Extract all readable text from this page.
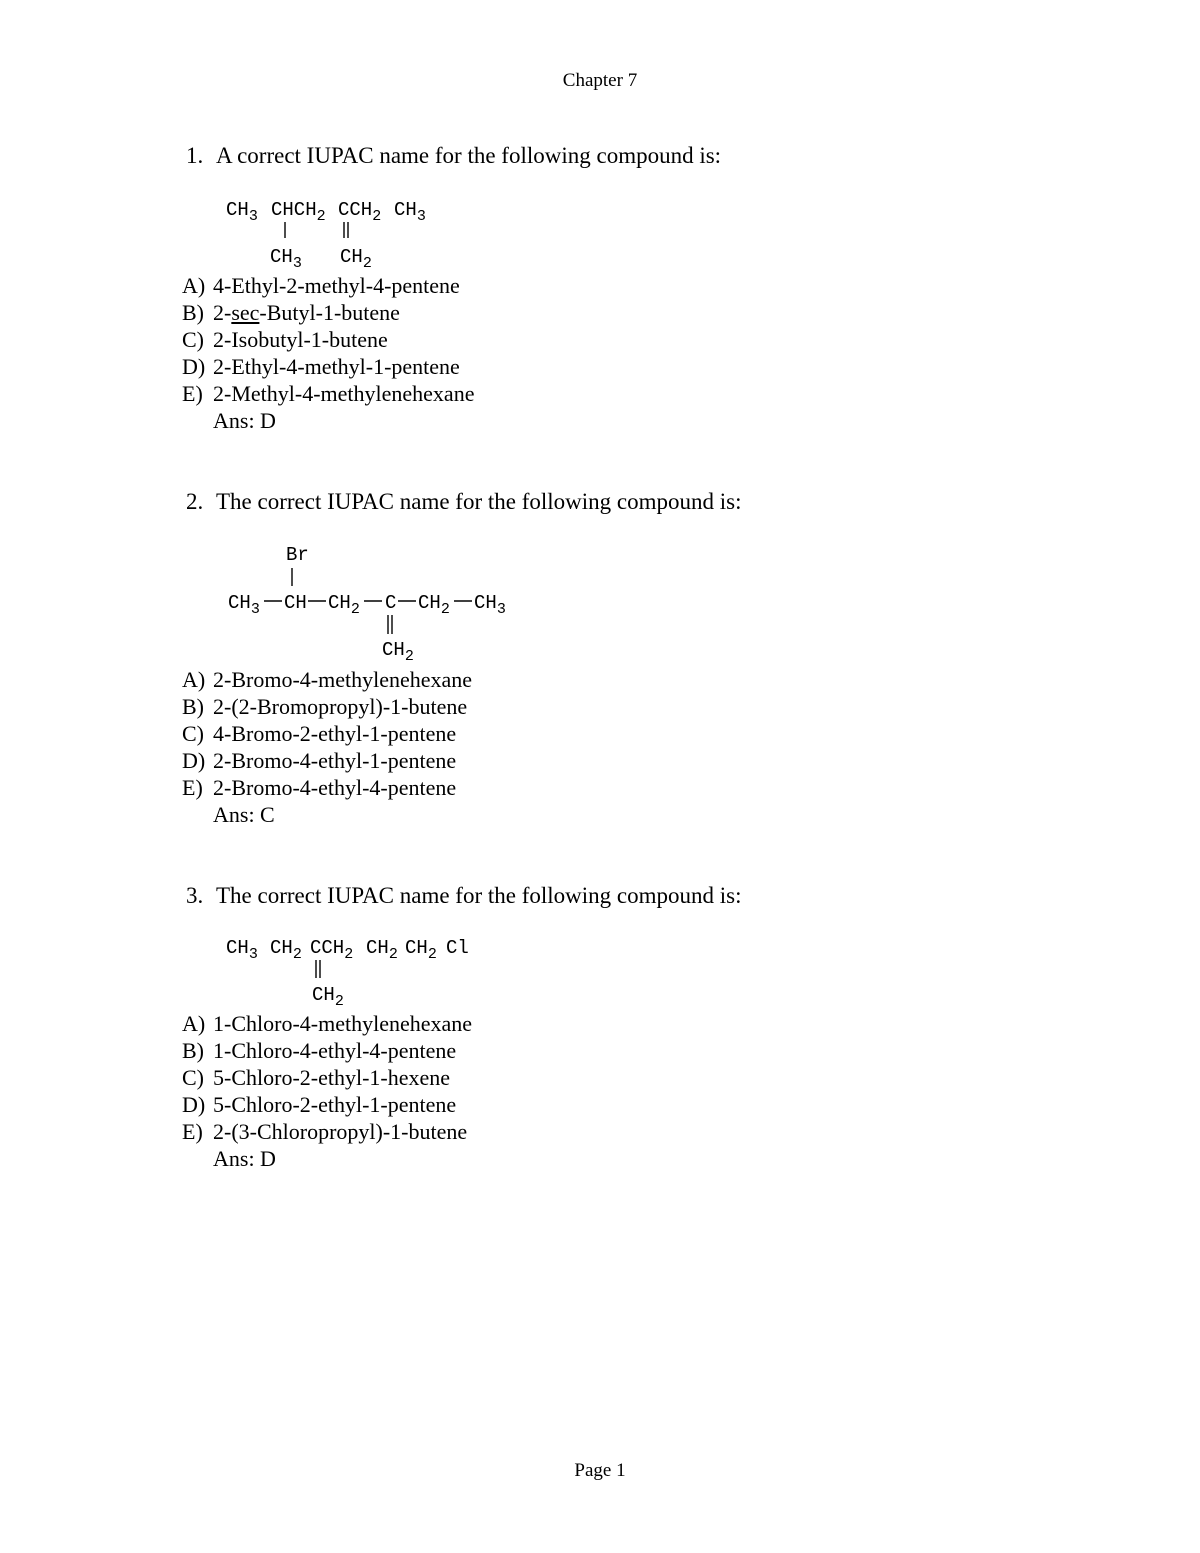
Chapter 7
1. A correct IUPAC name for the following compound is:
$CH_3$ $CHCH_2$ $CCH_2$ $CH_3$
$CH_3$ $CH_2$
A) 4-Ethyl-2-methyl-4-pentene
B) 2-sec-Butyl-1-butene
C) 2-Isobutyl-1-butene
D) 2-Ethyl-4-methyl-1-pentene
E) 2-Methyl-4-methylenehexane
Ans: D
2. The correct IUPAC name for the following compound is:
Br
$CH_3$ CH $CH_2$ C $CH_2$ $CH_3$
$CH_2$
A) 2-Bromo-4-methylenehexane
B) 2-(2-Bromopropyl)-1-butene
C) 4-Bromo-2-ethyl-1-pentene
D) 2-Bromo-4-ethyl-1-pentene
E) 2-Bromo-4-ethyl-4-pentene
Ans: C
3. The correct IUPAC name for the following compound is:
$CH_3$ $CH_2$ $CCH_2$ $CH_2$ $CH_2$ Cl
$CH_2$
A) 1-Chloro-4-methylenehexane
B) 1-Chloro-4-ethyl-4-pentene
C) 5-Chloro-2-ethyl-1-hexene
D) 5-Chloro-2-ethyl-1-pentene
E) 2-(3-Chloropropyl)-1-butene
Ans: D
Page 1
